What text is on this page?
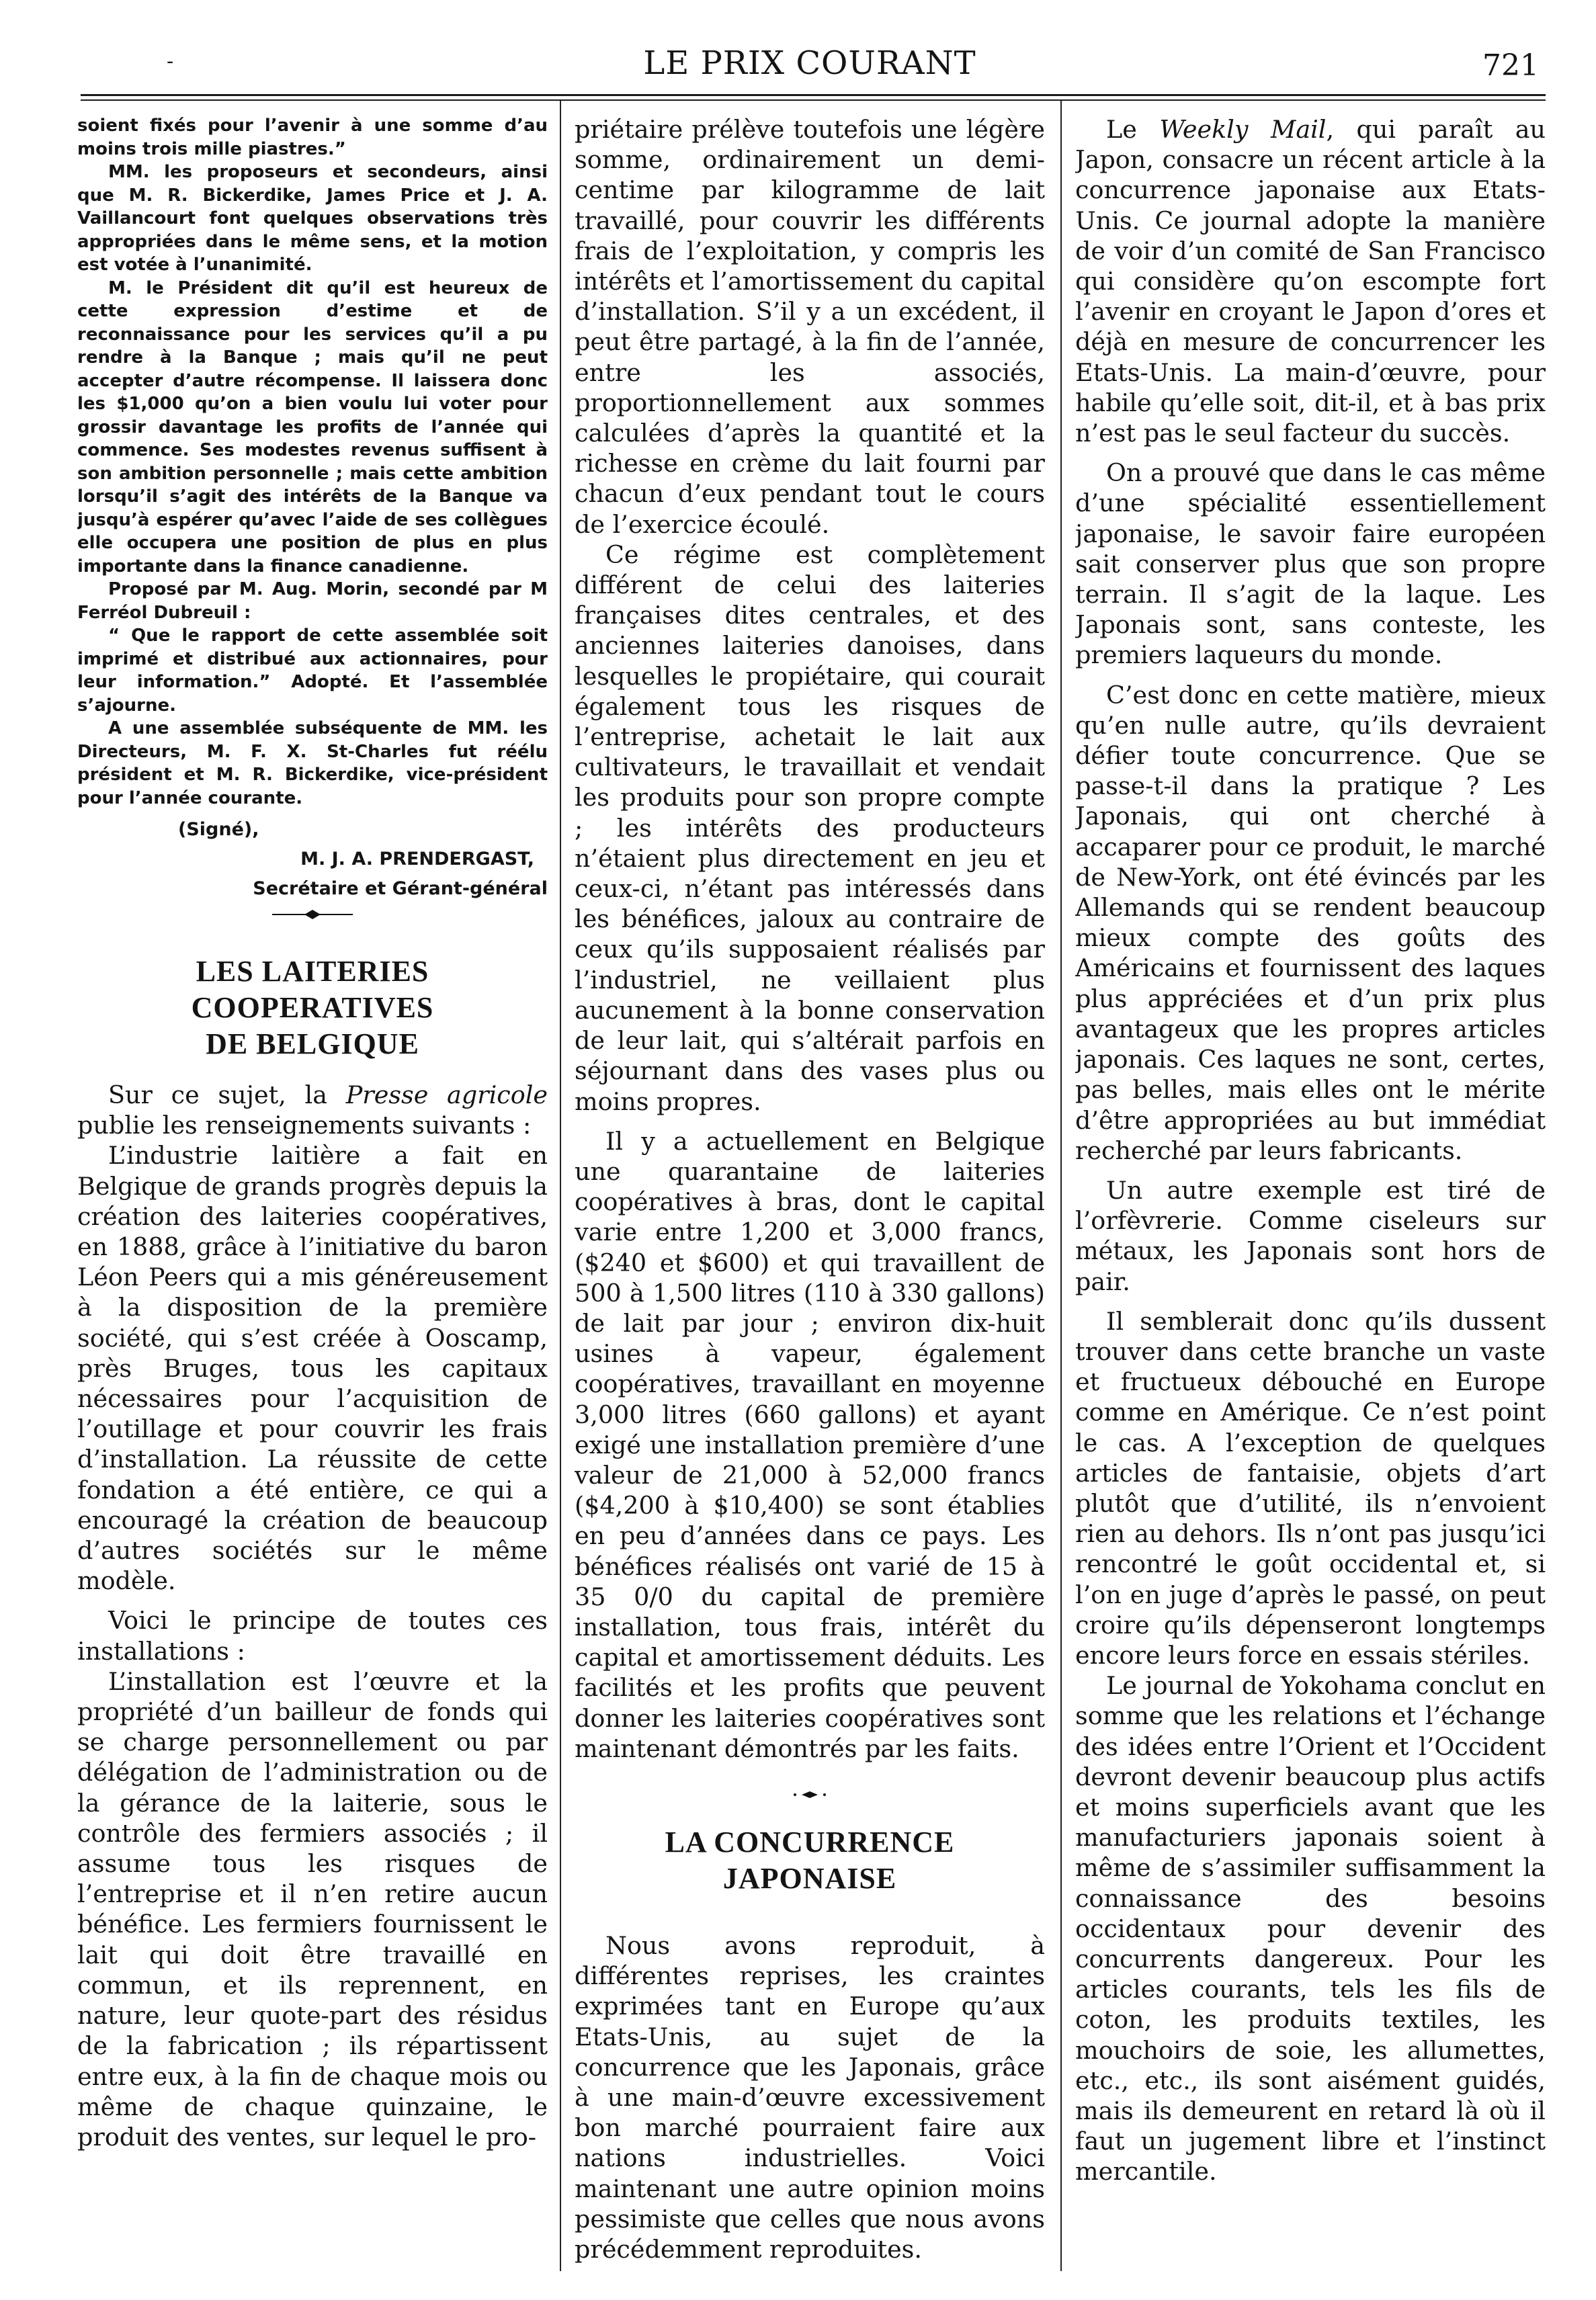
-	LE PRIX COURANT	721

soient fixés pour l’avenir à une somme d’au moins trois mille piastres.”

MM. les proposeurs et secondeurs, ainsi que M. R. Bickerdike, James Price et J. A. Vaillancourt font quelques observations très appropriées dans le même sens, et la motion est votée à l’unanimité.

M. le Président dit qu’il est heureux de cette expression d’estime et de reconnaissance pour les services qu’il a pu rendre à la Banque ; mais qu’il ne peut accepter d’autre récompense. Il laissera donc les $1,000 qu’on a bien voulu lui voter pour grossir davantage les profits de l’année qui commence. Ses modestes revenus suffisent à son ambition personnelle ; mais cette ambition lorsqu’il s’agit des intérêts de la Banque va jusqu’à espérer qu’avec l’aide de ses collègues elle occupera une position de plus en plus importante dans la finance canadienne.

Proposé par M. Aug. Morin, secondé par M Ferréol Dubreuil :

“ Que le rapport de cette assemblée soit imprimé et distribué aux actionnaires, pour leur information.” Adopté. Et l’assemblée s’ajourne.

A une assemblée subséquente de MM. les Directeurs, M. F. X. St-Charles fut réélu président et M. R. Bickerdike, vice-président pour l’année courante.

(Signé),
M. J. A. PRENDERGAST,
Secrétaire et Gérant-général
LES LAITERIES COOPERATIVES
DE BELGIQUE

Sur ce sujet, la Presse agricole publie les renseignements suivants :

L’industrie laitière a fait en Belgique de grands progrès depuis la création des laiteries coopératives, en 1888, grâce à l’initiative du baron Léon Peers qui a mis généreusement à la disposition de la première société, qui s’est créée à Ooscamp, près Bruges, tous les capitaux nécessaires pour l’acquisition de l’outillage et pour couvrir les frais d’installation. La réussite de cette fondation a été entière, ce qui a encouragé la création de beaucoup d’autres sociétés sur le même modèle.

Voici le principe de toutes ces installations :

L’installation est l’œuvre et la propriété d’un bailleur de fonds qui se charge personnellement ou par délégation de l’administration ou de la gérance de la laiterie, sous le contrôle des fermiers associés ; il assume tous les risques de l’entreprise et il n’en retire aucun bénéfice. Les fermiers fournissent le lait qui doit être travaillé en commun, et ils reprennent, en nature, leur quote-part des résidus de la fabrication ; ils répartissent entre eux, à la fin de chaque mois ou même de chaque quinzaine, le produit des ventes, sur lequel le pro-

priétaire prélève toutefois une légère somme, ordinairement un demi-centime par kilogramme de lait travaillé, pour couvrir les différents frais de l’exploitation, y compris les intérêts et l’amortissement du capital d’installation. S’il y a un excédent, il peut être partagé, à la fin de l’année, entre les associés, proportionnellement aux sommes calculées d’après la quantité et la richesse en crème du lait fourni par chacun d’eux pendant tout le cours de l’exercice écoulé.

Ce régime est complètement différent de celui des laiteries françaises dites centrales, et des anciennes laiteries danoises, dans lesquelles le propiétaire, qui courait également tous les risques de l’entreprise, achetait le lait aux cultivateurs, le travaillait et vendait les produits pour son propre compte ; les intérêts des producteurs n’étaient plus directement en jeu et ceux-ci, n’étant pas intéressés dans les bénéfices, jaloux au contraire de ceux qu’ils supposaient réalisés par l’industriel, ne veillaient plus aucunement à la bonne conservation de leur lait, qui s’altérait parfois en séjournant dans des vases plus ou moins propres.

Il y a actuellement en Belgique une quarantaine de laiteries coopératives à bras, dont le capital varie entre 1,200 et 3,000 francs, ($240 et $600) et qui travaillent de 500 à 1,500 litres (110 à 330 gallons) de lait par jour ; environ dix-huit usines à vapeur, également coopératives, travaillant en moyenne 3,000 litres (660 gallons) et ayant exigé une installation première d’une valeur de 21,000 à 52,000 francs ($4,200 à $10,400) se sont établies en peu d’années dans ce pays. Les bénéfices réalisés ont varié de 15 à 35 0/0 du capital de première installation, tous frais, intérêt du capital et amortissement déduits. Les facilités et les profits que peuvent donner les laiteries coopératives sont maintenant démontrés par les faits.

LA CONCURRENCE JAPONAISE

Nous avons reproduit, à différentes reprises, les craintes exprimées tant en Europe qu’aux Etats-Unis, au sujet de la concurrence que les Japonais, grâce à une main-d’œuvre excessivement bon marché pourraient faire aux nations industrielles. Voici maintenant une autre opinion moins pessimiste que celles que nous avons précédemment reproduites.

Le Weekly Mail, qui paraît au Japon, consacre un récent article à la concurrence japonaise aux Etats-Unis. Ce journal adopte la manière de voir d’un comité de San Francisco qui considère qu’on escompte fort l’avenir en croyant le Japon d’ores et déjà en mesure de concurrencer les Etats-Unis. La main-d’œuvre, pour habile qu’elle soit, dit-il, et à bas prix n’est pas le seul facteur du succès.

On a prouvé que dans le cas même d’une spécialité essentiellement japonaise, le savoir faire européen sait conserver plus que son propre terrain. Il s’agit de la laque. Les Japonais sont, sans conteste, les premiers laqueurs du monde.

C’est donc en cette matière, mieux qu’en nulle autre, qu’ils devraient défier toute concurrence. Que se passe-t-il dans la pratique ? Les Japonais, qui ont cherché à accaparer pour ce produit, le marché de New-York, ont été évincés par les Allemands qui se rendent beaucoup mieux compte des goûts des Américains et fournissent des laques plus appréciées et d’un prix plus avantageux que les propres articles japonais. Ces laques ne sont, certes, pas belles, mais elles ont le mérite d’être appropriées au but immédiat recherché par leurs fabricants.

Un autre exemple est tiré de l’orfèvrerie. Comme ciseleurs sur métaux, les Japonais sont hors de pair.

Il semblerait donc qu’ils dussent trouver dans cette branche un vaste et fructueux débouché en Europe comme en Amérique. Ce n’est point le cas. A l’exception de quelques articles de fantaisie, objets d’art plutôt que d’utilité, ils n’envoient rien au dehors. Ils n’ont pas jusqu’ici rencontré le goût occidental et, si l’on en juge d’après le passé, on peut croire qu’ils dépenseront longtemps encore leurs force en essais stériles.

Le journal de Yokohama conclut en somme que les relations et l’échange des idées entre l’Orient et l’Occident devront devenir beaucoup plus actifs et moins superficiels avant que les manufacturiers japonais soient à même de s’assimiler suffisamment la connaissance des besoins occidentaux pour devenir des concurrents dangereux. Pour les articles courants, tels les fils de coton, les produits textiles, les mouchoirs de soie, les allumettes, etc., etc., ils sont aisément guidés, mais ils demeurent en retard là où il faut un jugement libre et l’instinct mercantile.
